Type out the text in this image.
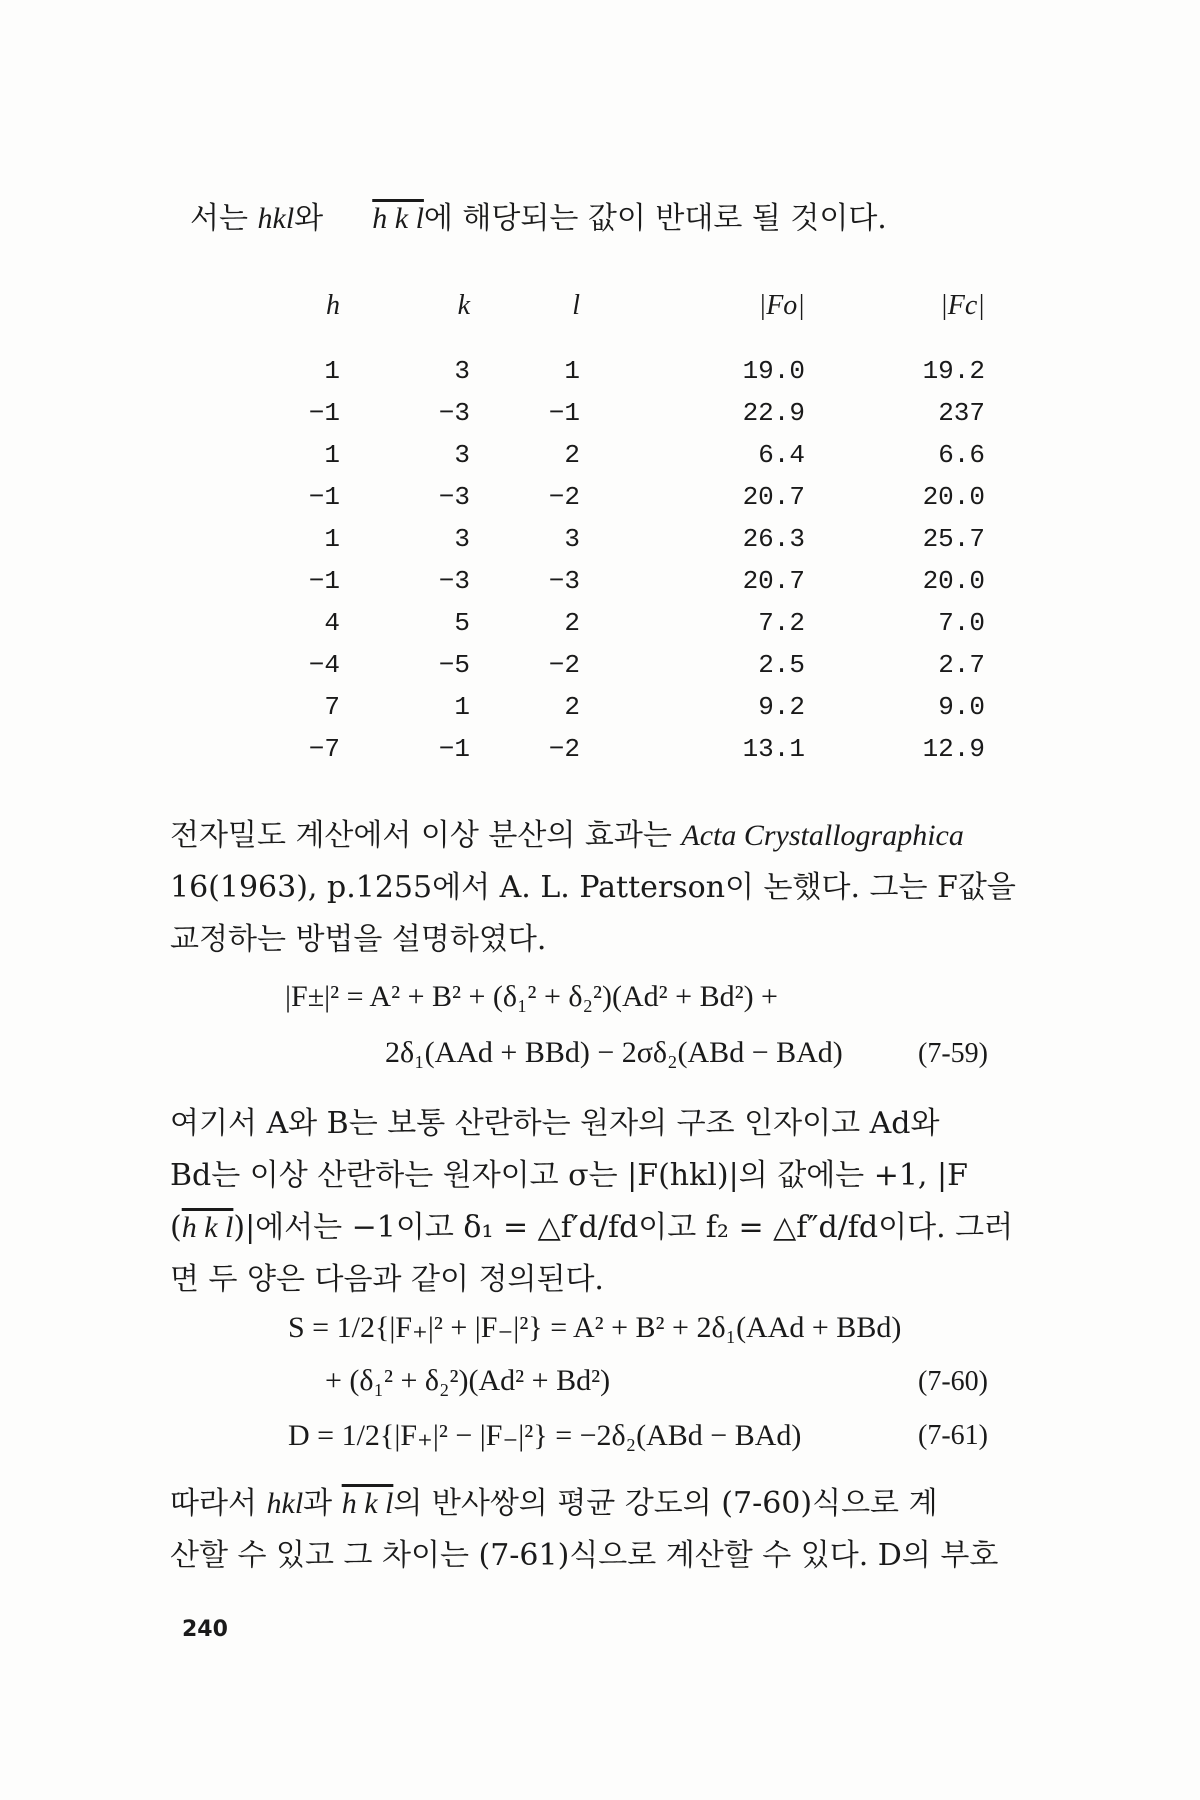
서는 hkl와 h k l에 해당되는 값이 반대로 될 것이다.
h	k	l	|Fo|	|Fc|
1	3	1	19.0	19.2
−1	−3	−1	22.9	237
1	3	2	6.4	6.6
−1	−3	−2	20.7	20.0
1	3	3	26.3	25.7
−1	−3	−3	20.7	20.0
4	5	2	7.2	7.0
−4	−5	−2	2.5	2.7
7	1	2	9.2	9.0
−7	−1	−2	13.1	12.9
전자밀도 계산에서 이상 분산의 효과는 Acta Crystallographica
16(1963), p.1255에서 A. L. Patterson이 논했다. 그는 F값을
교정하는 방법을 설명하였다.
|F±|² = A² + B² + (δ₁² + δ₂²)(Ad² + Bd²) +
2δ₁(AAd + BBd) − 2σδ₂(ABd − BAd)	(7-59)
여기서 A와 B는 보통 산란하는 원자의 구조 인자이고 Ad와
Bd는 이상 산란하는 원자이고 σ는 |F(hkl)|의 값에는 +1, |F
(h k l)|에서는 −1이고 δ₁ = △f′d/fd이고 f₂ = △f″d/fd이다. 그러
면 두 양은 다음과 같이 정의된다.
S = 1/2{|F₊|² + |F₋|²} = A² + B² + 2δ₁(AAd + BBd)
+ (δ₁² + δ₂²)(Ad² + Bd²)	(7-60)
D = 1/2{|F₊|² − |F₋|²} = −2δ₂(ABd − BAd)	(7-61)
따라서 hkl과 h k l의 반사쌍의 평균 강도의 (7-60)식으로 계
산할 수 있고 그 차이는 (7-61)식으로 계산할 수 있다. D의 부호
240
